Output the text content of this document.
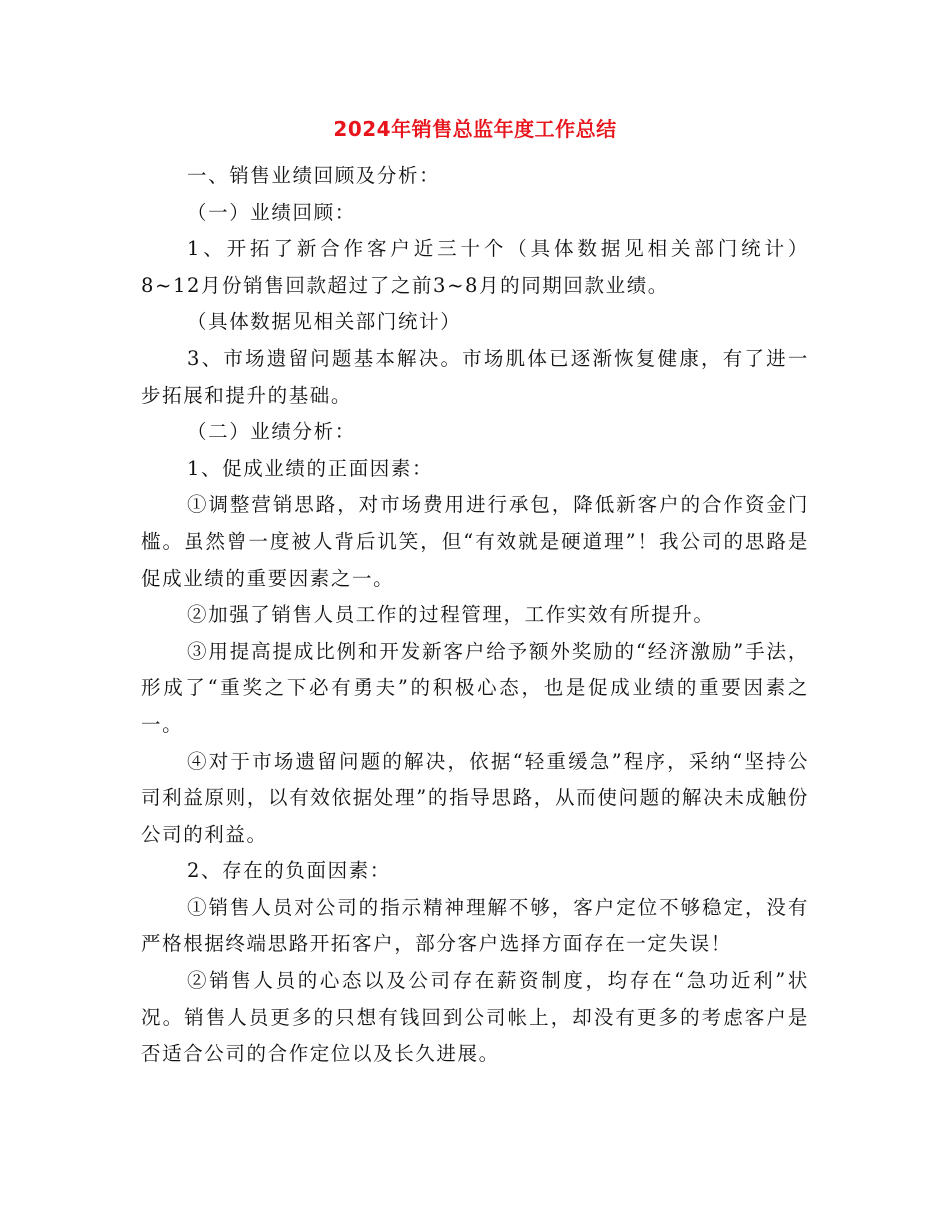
2024年销售总监年度工作总结

一、销售业绩回顾及分析：

（一）业绩回顾：

1、开拓了新合作客户近三十个（具体数据见相关部门统计）8~12月份销售回款超过了之前3~8月的同期回款业绩。

（具体数据见相关部门统计）

3、市场遗留问题基本解决。市场肌体已逐渐恢复健康，有了进一步拓展和提升的基础。

（二）业绩分析：

1、促成业绩的正面因素：

①调整营销思路，对市场费用进行承包，降低新客户的合作资金门槛。虽然曾一度被人背后讥笑，但“有效就是硬道理”！我公司的思路是促成业绩的重要因素之一。

②加强了销售人员工作的过程管理，工作实效有所提升。

③用提高提成比例和开发新客户给予额外奖励的“经济激励”手法，形成了“重奖之下必有勇夫”的积极心态，也是促成业绩的重要因素之一。

④对于市场遗留问题的解决，依据“轻重缓急”程序，采纳“坚持公司利益原则，以有效依据处理”的指导思路，从而使问题的解决未成触份公司的利益。

2、存在的负面因素：

①销售人员对公司的指示精神理解不够，客户定位不够稳定，没有严格根据终端思路开拓客户，部分客户选择方面存在一定失误！

②销售人员的心态以及公司存在薪资制度，均存在“急功近利”状况。销售人员更多的只想有钱回到公司帐上，却没有更多的考虑客户是否适合公司的合作定位以及长久进展。
